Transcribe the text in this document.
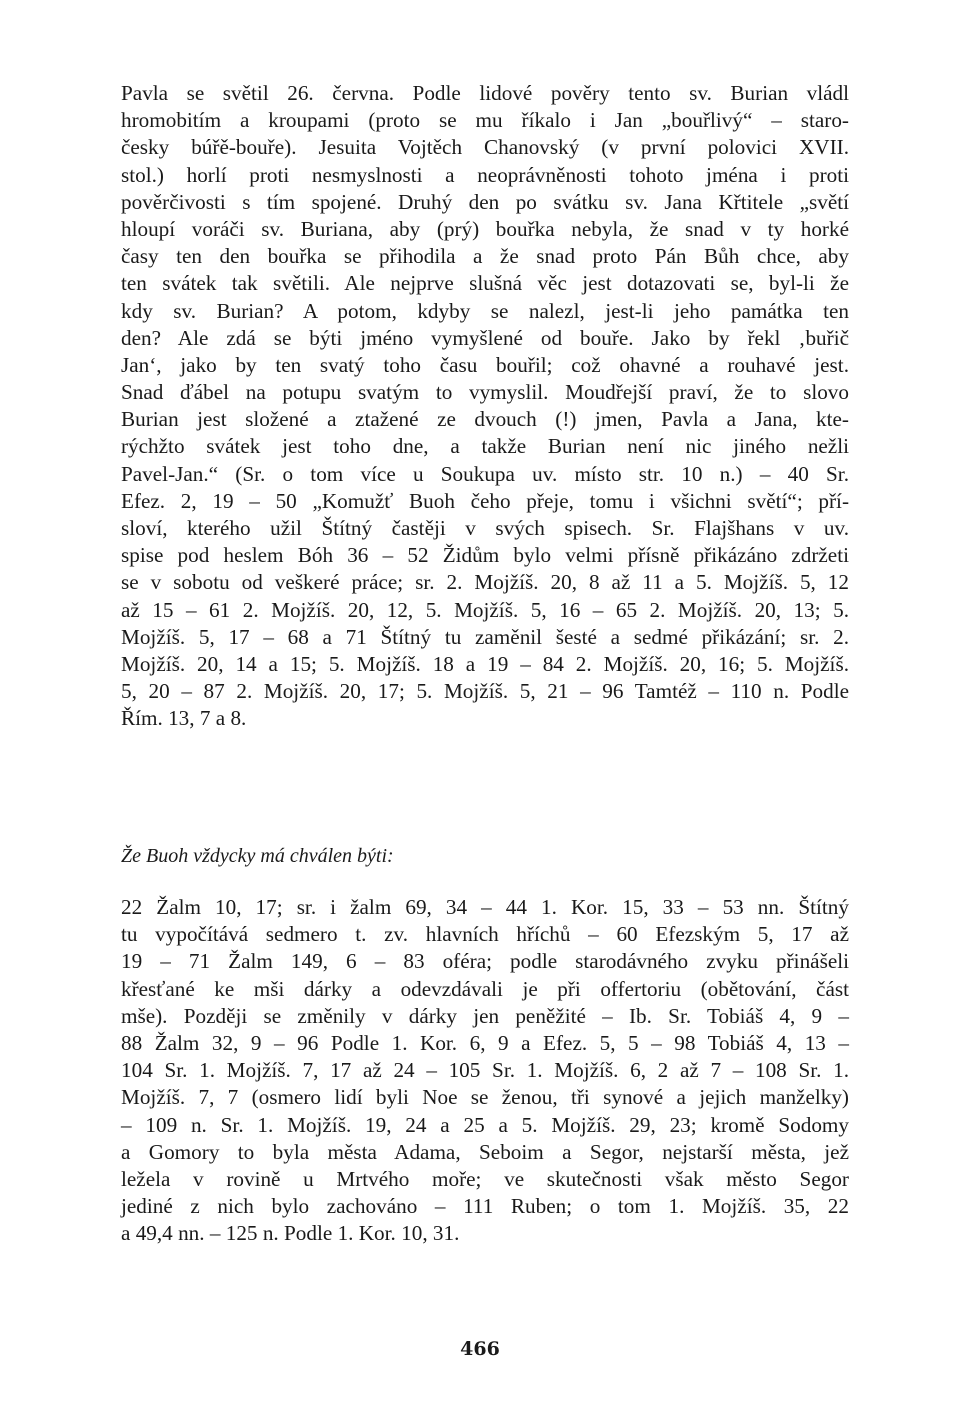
Pavla se světil 26. června. Podle lidové pověry tento sv. Burian vládl
hromobitím a kroupami (proto se mu říkalo i Jan „bouřlivý“ – staro-
česky búřě-bouře). Jesuita Vojtěch Chanovský (v první polovici XVII.
stol.) horlí proti nesmyslnosti a neoprávněnosti tohoto jména i proti
pověrčivosti s tím spojené. Druhý den po svátku sv. Jana Křtitele „světí
hloupí voráči sv. Buriana, aby (prý) bouřka nebyla, že snad v ty horké
časy ten den bouřka se přihodila a že snad proto Pán Bůh chce, aby
ten svátek tak světili. Ale nejprve slušná věc jest dotazovati se, byl-li že
kdy sv. Burian? A potom, kdyby se nalezl, jest-li jeho památka ten
den? Ale zdá se býti jméno vymyšlené od bouře. Jako by řekl ‚buřič
Jan‘, jako by ten svatý toho času bouřil; což ohavné a rouhavé jest.
Snad ďábel na potupu svatým to vymyslil. Moudřejší praví, že to slovo
Burian jest složené a ztažené ze dvouch (!) jmen, Pavla a Jana, kte-
rýchžto svátek jest toho dne, a takže Burian není nic jiného nežli
Pavel-Jan.“ (Sr. o tom více u Soukupa uv. místo str. 10 n.) – 40 Sr.
Efez. 2, 19 – 50 „Komužť Buoh čeho přeje, tomu i všichni světí“; pří-
sloví, kterého užil Štítný častěji v svých spisech. Sr. Flajšhans v uv.
spise pod heslem Bóh 36 – 52 Židům bylo velmi přísně přikázáno zdržeti
se v sobotu od veškeré práce; sr. 2. Mojžíš. 20, 8 až 11 a 5. Mojžíš. 5, 12
až 15 – 61 2. Mojžíš. 20, 12, 5. Mojžíš. 5, 16 – 65 2. Mojžíš. 20, 13; 5.
Mojžíš. 5, 17 – 68 a 71 Štítný tu zaměnil šesté a sedmé přikázání; sr. 2.
Mojžíš. 20, 14 a 15; 5. Mojžíš. 18 a 19 – 84 2. Mojžíš. 20, 16; 5. Mojžíš.
5, 20 – 87 2. Mojžíš. 20, 17; 5. Mojžíš. 5, 21 – 96 Tamtéž – 110 n. Podle
Řím. 13, 7 a 8.
Že Buoh vždycky má chválen býti:
22 Žalm 10, 17; sr. i žalm 69, 34 – 44 1. Kor. 15, 33 – 53 nn. Štítný
tu vypočítává sedmero t. zv. hlavních hříchů – 60 Efezským 5, 17 až
19 – 71 Žalm 149, 6 – 83 oféra; podle starodávného zvyku přinášeli
křesťané ke mši dárky a odevzdávali je při offertoriu (obětování, část
mše). Později se změnily v dárky jen peněžité – Ib. Sr. Tobiáš 4, 9 –
88 Žalm 32, 9 – 96 Podle 1. Kor. 6, 9 a Efez. 5, 5 – 98 Tobiáš 4, 13 –
104 Sr. 1. Mojžíš. 7, 17 až 24 – 105 Sr. 1. Mojžíš. 6, 2 až 7 – 108 Sr. 1.
Mojžíš. 7, 7 (osmero lidí byli Noe se ženou, tři synové a jejich manželky)
– 109 n. Sr. 1. Mojžíš. 19, 24 a 25 a 5. Mojžíš. 29, 23; kromě Sodomy
a Gomory to byla města Adama, Seboim a Segor, nejstarší města, jež
ležela v rovině u Mrtvého moře; ve skutečnosti však město Segor
jediné z nich bylo zachováno – 111 Ruben; o tom 1. Mojžíš. 35, 22
a 49,4 nn. – 125 n. Podle 1. Kor. 10, 31.
466
